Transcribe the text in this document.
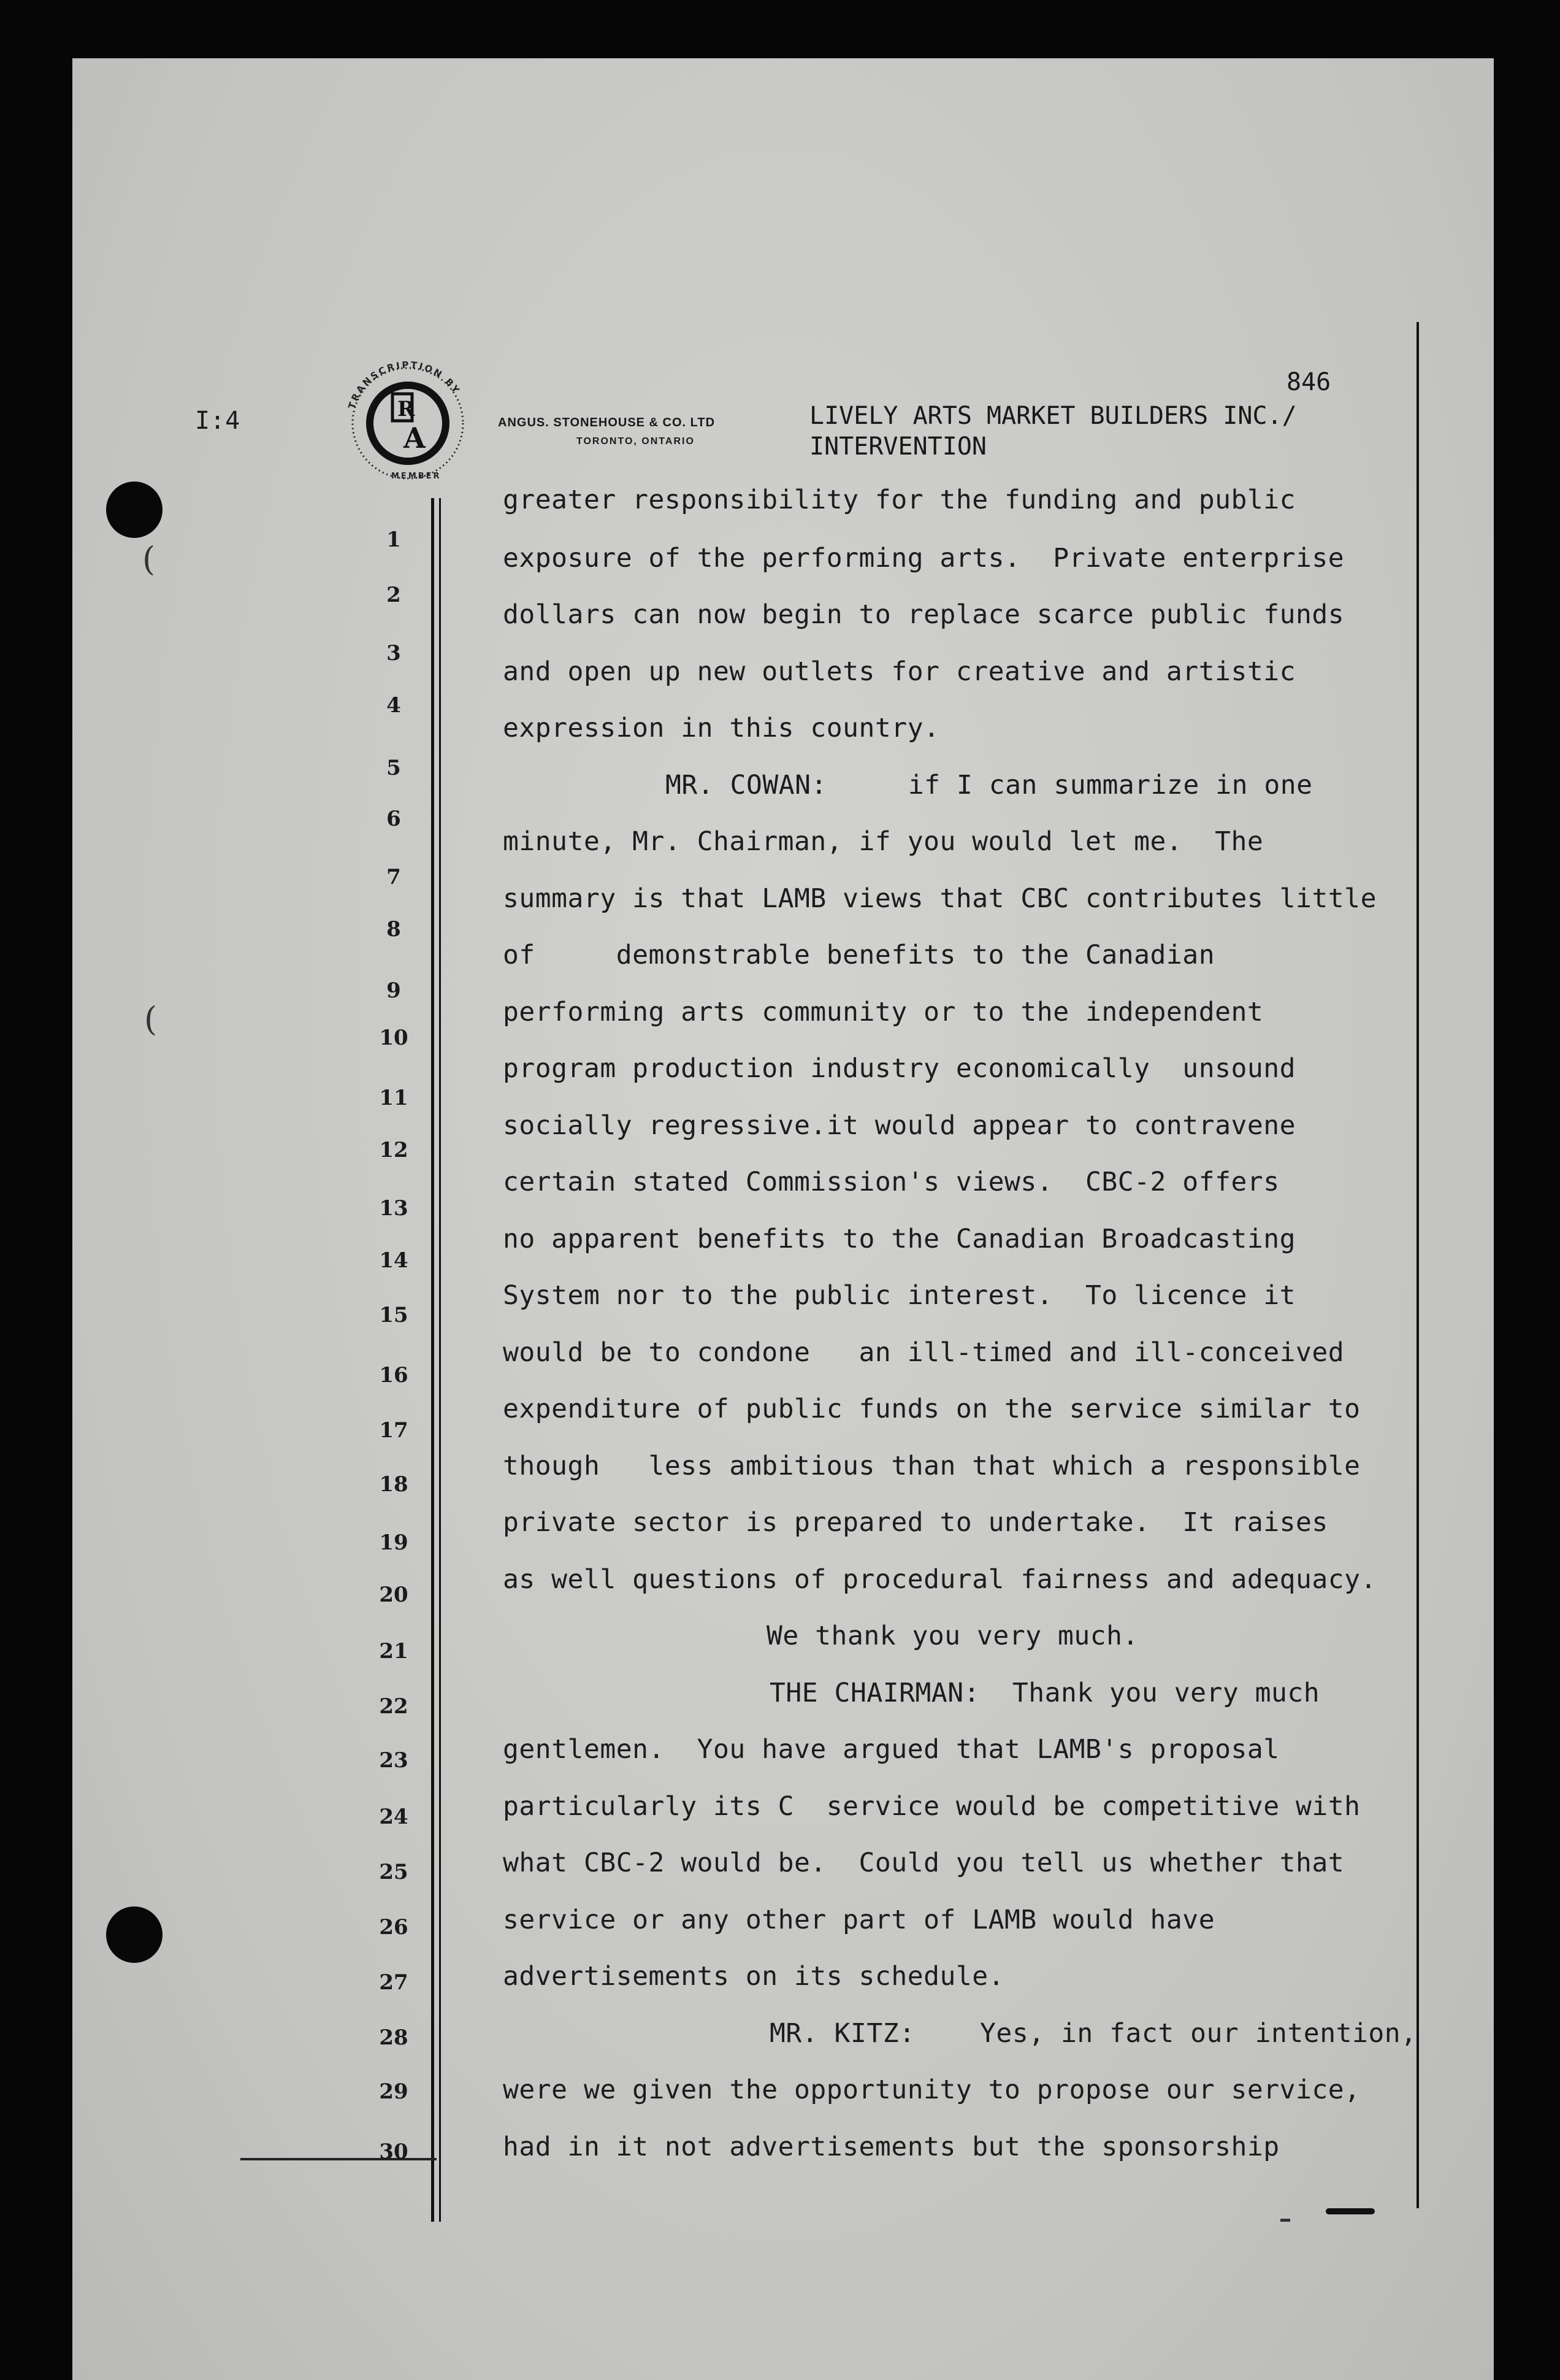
(
(
I:4
TRANSCRIPTION BY
R
A
MEMBER
ANGUS. STONEHOUSE & CO. LTD
TORONTO, ONTARIO
846
LIVELY ARTS MARKET BUILDERS INC./
INTERVENTION
1
2
3
4
5
6
7
8
9
10
11
12
13
14
15
16
17
18
19
20
21
22
23
24
25
26
27
28
29
30
greater responsibility for the funding and public
exposure of the performing arts.  Private enterprise
dollars can now begin to replace scarce public funds
and open up new outlets for creative and artistic
expression in this country.
MR. COWAN:     if I can summarize in one
minute, Mr. Chairman, if you would let me.  The
summary is that LAMB views that CBC contributes little
of     demonstrable benefits to the Canadian
performing arts community or to the independent
program production industry economically  unsound
socially regressive.it would appear to contravene
certain stated Commission's views.  CBC-2 offers
no apparent benefits to the Canadian Broadcasting
System nor to the public interest.  To licence it
would be to condone   an ill-timed and ill-conceived
expenditure of public funds on the service similar to
though   less ambitious than that which a responsible
private sector is prepared to undertake.  It raises
as well questions of procedural fairness and adequacy.
We thank you very much.
THE CHAIRMAN:  Thank you very much
gentlemen.  You have argued that LAMB's proposal
particularly its C  service would be competitive with
what CBC-2 would be.  Could you tell us whether that
service or any other part of LAMB would have
advertisements on its schedule.
MR. KITZ:    Yes, in fact our intention,
were we given the opportunity to propose our service,
had in it not advertisements but the sponsorship
